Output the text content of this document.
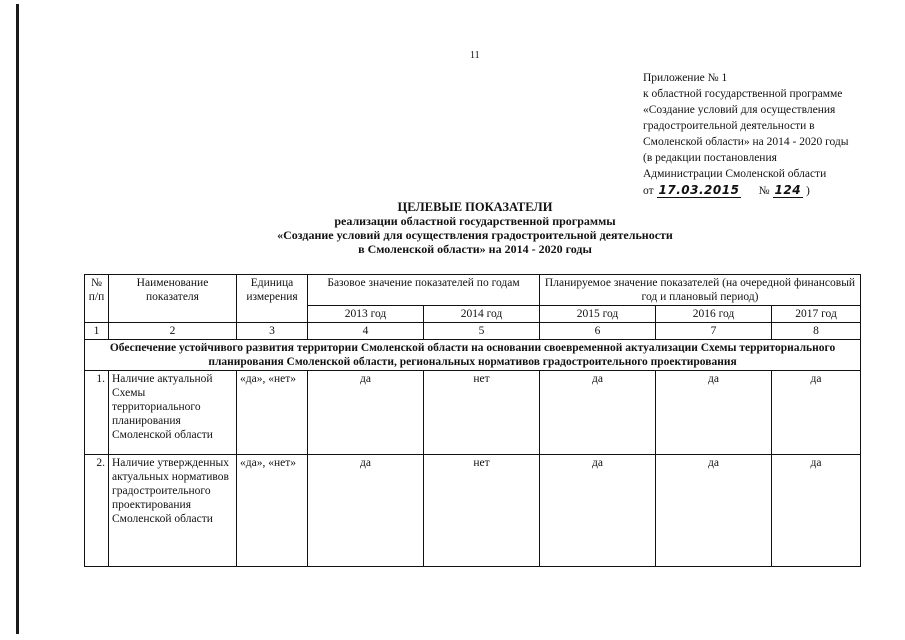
11
Приложение № 1
к областной государственной программе
«Создание условий для осуществления
градостроительной деятельности в
Смоленской области» на 2014 - 2020 годы
(в редакции постановления
Администрации Смоленской области
от 17.03.2015 № 124 )
ЦЕЛЕВЫЕ ПОКАЗАТЕЛИ
реализации областной государственной программы
«Создание условий для осуществления градостроительной деятельности
в Смоленской области» на 2014 - 2020 годы
№ п/п	Наименование показателя	Единица измерения	Базовое значение показателей по годам		Планируемое значение показателей (на очередной финансовый год и плановый период)		
			2013 год	2014 год	2015 год	2016 год	2017 год
1	2	3	4	5	6	7	8
Обеспечение устойчивого развития территории Смоленской области на основании своевременной актуализации Схемы территориального планирования Смоленской области, региональных нормативов градостроительного проектирования							
1.	Наличие актуальной Схемы территориального планирования Смоленской области	«да», «нет»	да	нет	да	да	да
2.	Наличие утвержденных актуальных нормативов градостроительного проектирования Смоленской области	«да», «нет»	да	нет	да	да	да
